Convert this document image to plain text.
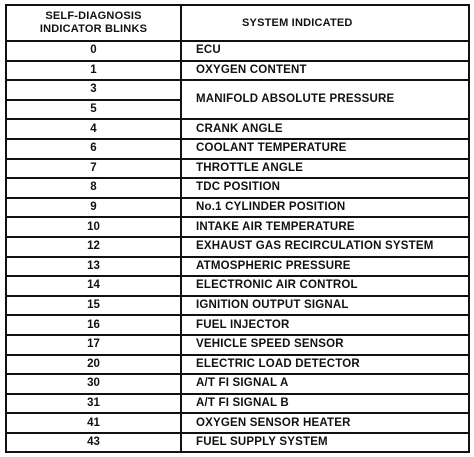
SELF-DIAGNOSIS
INDICATOR BLINKS	SYSTEM INDICATED
0	ECU
1	OXYGEN CONTENT
3	MANIFOLD ABSOLUTE PRESSURE
5	
4	CRANK ANGLE
6	COOLANT TEMPERATURE
7	THROTTLE ANGLE
8	TDC POSITION
9	No.1 CYLINDER POSITION
10	INTAKE AIR TEMPERATURE
12	EXHAUST GAS RECIRCULATION SYSTEM
13	ATMOSPHERIC PRESSURE
14	ELECTRONIC AIR CONTROL
15	IGNITION OUTPUT SIGNAL
16	FUEL INJECTOR
17	VEHICLE SPEED SENSOR
20	ELECTRIC LOAD DETECTOR
30	A/T FI SIGNAL A
31	A/T FI SIGNAL B
41	OXYGEN SENSOR HEATER
43	FUEL SUPPLY SYSTEM
